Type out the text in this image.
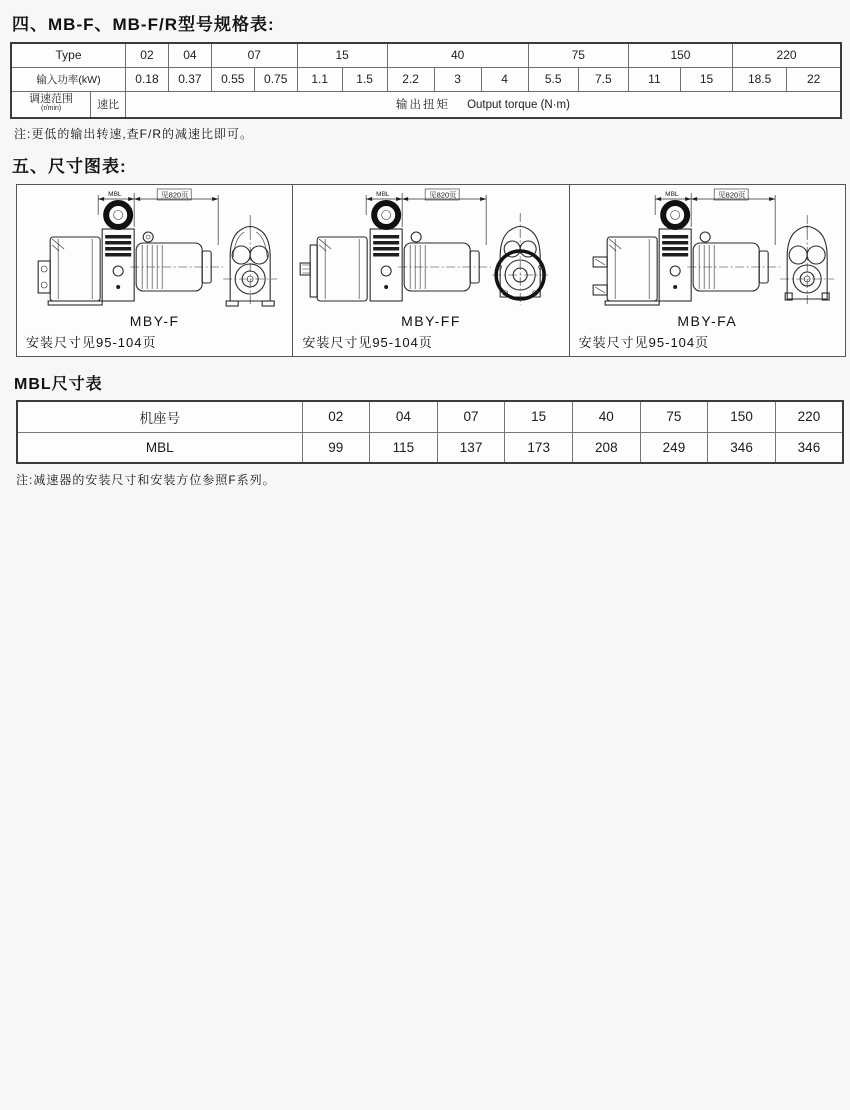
四、MB-F、MB-F/R型号规格表:
Type		02	04	07		15		40			75		150		220	
输入功率(kW)		0.18	0.37	0.55	0.75	1.1	1.5	2.2	3	4	5.5	7.5	11	15	18.5	22

调速范围
(r/min)	速比	输出扭矩 Output torque (N·m)														
注:更低的输出转速,查F/R的减速比即可。
五、尺寸图表:
MBL	见820页
MBY-F
安装尺寸见95-104页
MBL	见820页
MBY-FF
安装尺寸见95-104页
MBL	见820页
MBY-FA
安装尺寸见95-104页
MBL尺寸表
机座号	02	04	07	15	40	75	150	220
MBL	99	115	137	173	208	249	346	346
注:减速器的安装尺寸和安装方位参照F系列。
